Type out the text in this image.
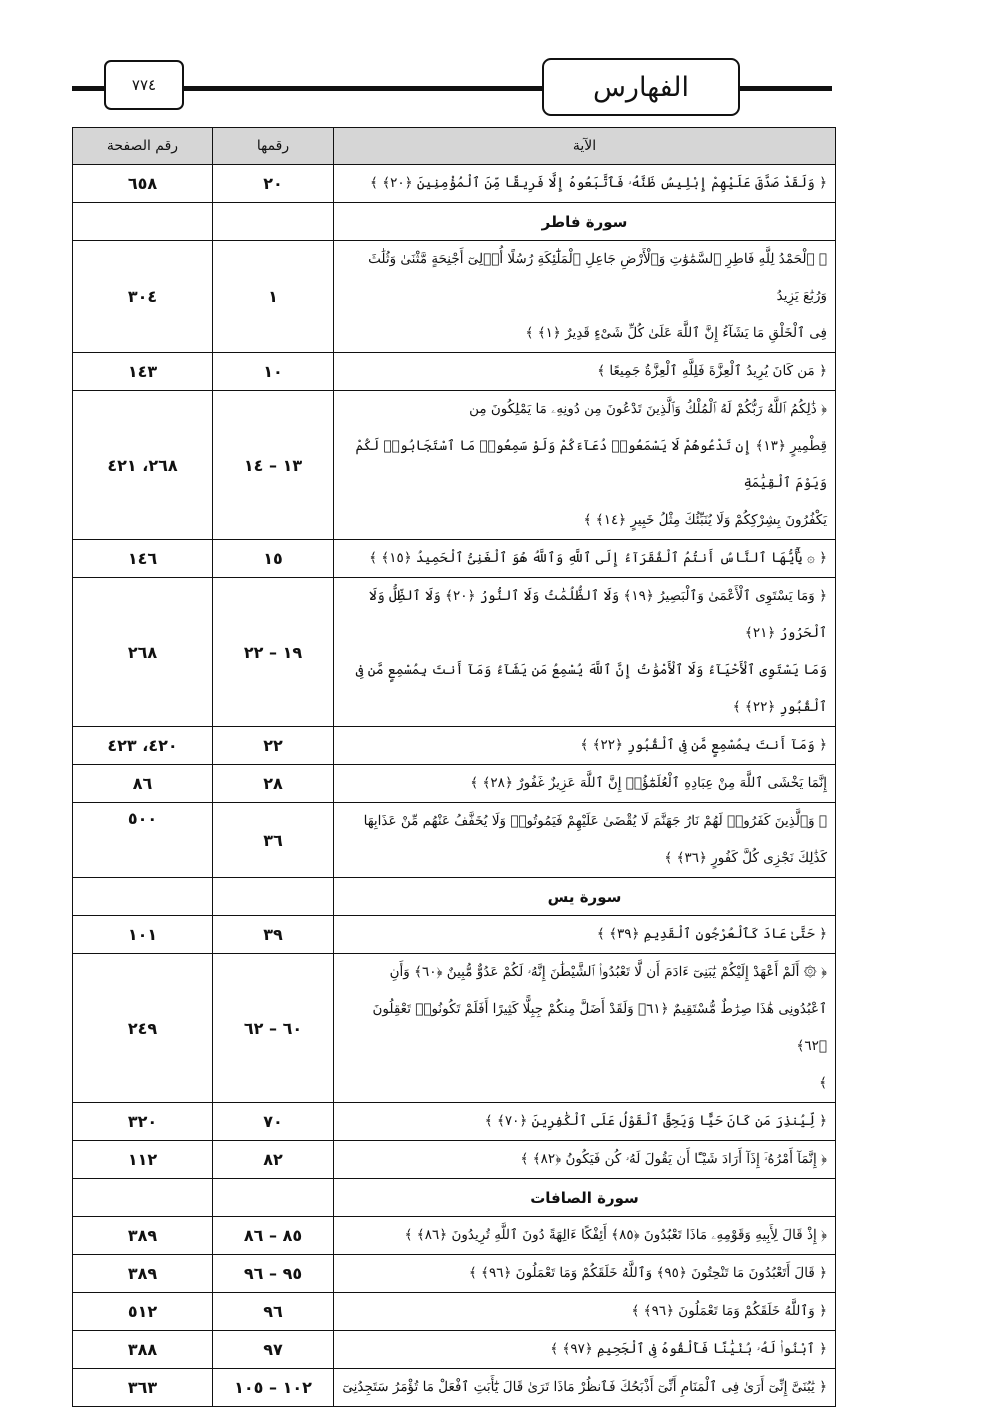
٧٧٤	الفهارس
الآية	رقمها	رقم الصفحة

﴿ وَلَقَدْ صَدَّقَ عَلَيْهِمْ إِبْلِيسُ ظَنَّهُۥ فَٱتَّبَعُوهُ إِلَّا فَرِيقًا مِّنَ ٱلْمُؤْمِنِينَ ﴿٢٠﴾ ﴾	٢٠	٦٥٨
سورة فاطر		

﴿ ٱلْحَمْدُ لِلَّهِ فَاطِرِ ٱلسَّمَٰوَٰتِ وَٱلْأَرْضِ جَاعِلِ ٱلْمَلَٰٓئِكَةِ رُسُلًا أُو۟لِىٓ أَجْنِحَةٍ مَّثْنَىٰ وَثُلَٰثَ وَرُبَٰعَ يَزِيدُ
فِى ٱلْخَلْقِ مَا يَشَآءُ إِنَّ ٱللَّهَ عَلَىٰ كُلِّ شَىْءٍ قَدِيرٌ ﴿١﴾ ﴾	١	٣٠٤

﴿ مَن كَانَ يُرِيدُ ٱلْعِزَّةَ فَلِلَّهِ ٱلْعِزَّةُ جَمِيعًا ﴾	١٠	١٤٣

﴿ ذَٰلِكُمُ ٱللَّهُ رَبُّكُمْ لَهُ ٱلْمُلْكُ وَٱلَّذِينَ تَدْعُونَ مِن دُونِهِۦ مَا يَمْلِكُونَ مِن
قِطْمِيرٍ ﴿١٣﴾ إِن تَدْعُوهُمْ لَا يَسْمَعُوا۟ دُعَآءَكُمْ وَلَوْ سَمِعُوا۟ مَا ٱسْتَجَابُوا۟ لَكُمْ وَيَوْمَ ٱلْقِيَٰمَةِ
يَكْفُرُونَ بِشِرْكِكُمْ وَلَا يُنَبِّئُكَ مِثْلُ خَبِيرٍ ﴿١٤﴾ ﴾	١٣ – ١٤	٢٦٨، ٤٢١

﴿ ۞ يَٰٓأَيُّهَا ٱلنَّاسُ أَنتُمُ ٱلْفُقَرَآءُ إِلَى ٱللَّهِ وَٱللَّهُ هُوَ ٱلْغَنِىُّ ٱلْحَمِيدُ ﴿١٥﴾ ﴾	١٥	١٤٦

﴿ وَمَا يَسْتَوِى ٱلْأَعْمَىٰ وَٱلْبَصِيرُ ﴿١٩﴾ وَلَا ٱلظُّلُمَٰتُ وَلَا ٱلنُّورُ ﴿٢٠﴾ وَلَا ٱلظِّلُّ وَلَا ٱلْحَرُورُ ﴿٢١﴾
وَمَا يَسْتَوِى ٱلْأَحْيَآءُ وَلَا ٱلْأَمْوَٰتُ إِنَّ ٱللَّهَ يُسْمِعُ مَن يَشَآءُ وَمَآ أَنتَ بِمُسْمِعٍ مَّن فِى ٱلْقُبُورِ ﴿٢٢﴾ ﴾	١٩ – ٢٢	٢٦٨

﴿ وَمَآ أَنتَ بِمُسْمِعٍ مَّن فِى ٱلْقُبُورِ ﴿٢٢﴾ ﴾	٢٢	٤٢٠، ٤٢٣

إِنَّمَا يَخْشَى ٱللَّهَ مِنْ عِبَادِهِ ٱلْعُلَمَٰٓؤُا۟ إِنَّ ٱللَّهَ عَزِيزٌ غَفُورٌ ﴿٢٨﴾ ﴾	٢٨	٨٦

﴿ وَٱلَّذِينَ كَفَرُوا۟ لَهُمْ نَارُ جَهَنَّمَ لَا يُقْضَىٰ عَلَيْهِمْ فَيَمُوتُوا۟ وَلَا يُخَفَّفُ عَنْهُم مِّنْ عَذَابِهَا
كَذَٰلِكَ نَجْزِى كُلَّ كَفُورٍ ﴿٣٦﴾ ﴾	٣٦	٥٠٠
سورة يس		

﴿ حَتَّىٰ عَادَ كَٱلْعُرْجُونِ ٱلْقَدِيمِ ﴿٣٩﴾ ﴾	٣٩	١٠١

﴿ ۞ أَلَمْ أَعْهَدْ إِلَيْكُمْ يَٰبَنِىٓ ءَادَمَ أَن لَّا تَعْبُدُوا۟ ٱلشَّيْطَٰنَ إِنَّهُۥ لَكُمْ عَدُوٌّ مُّبِينٌ ﴿٦٠﴾ وَأَنِ
ٱعْبُدُونِى هَٰذَا صِرَٰطٌ مُّسْتَقِيمٌ ﴿٦١﴾ وَلَقَدْ أَضَلَّ مِنكُمْ جِبِلًّا كَثِيرًا أَفَلَمْ تَكُونُوا۟ تَعْقِلُونَ ﴿٦٢﴾
﴾	٦٠ – ٦٢	٢٤٩

﴿ لِّيُنذِرَ مَن كَانَ حَيًّا وَيَحِقَّ ٱلْقَوْلُ عَلَى ٱلْكَٰفِرِينَ ﴿٧٠﴾ ﴾	٧٠	٣٢٠

﴿ إِنَّمَآ أَمْرُهُۥٓ إِذَآ أَرَادَ شَيْـًٔا أَن يَقُولَ لَهُۥ كُن فَيَكُونُ ﴿٨٢﴾ ﴾	٨٢	١١٢
سورة الصافات		

﴿ إِذْ قَالَ لِأَبِيهِ وَقَوْمِهِۦ مَاذَا تَعْبُدُونَ ﴿٨٥﴾ أَئِفْكًا ءَالِهَةً دُونَ ٱللَّهِ تُرِيدُونَ ﴿٨٦﴾ ﴾	٨٥ – ٨٦	٣٨٩

﴿ قَالَ أَتَعْبُدُونَ مَا تَنْحِتُونَ ﴿٩٥﴾ وَٱللَّهُ خَلَقَكُمْ وَمَا تَعْمَلُونَ ﴿٩٦﴾ ﴾	٩٥ – ٩٦	٣٨٩

﴿ وَٱللَّهُ خَلَقَكُمْ وَمَا تَعْمَلُونَ ﴿٩٦﴾ ﴾	٩٦	٥١٢

﴿ ٱبْنُوا۟ لَهُۥ بُنْيَٰنًا فَأَلْقُوهُ فِى ٱلْجَحِيمِ ﴿٩٧﴾ ﴾	٩٧	٣٨٨

﴿ يَٰبُنَىَّ إِنِّىٓ أَرَىٰ فِى ٱلْمَنَامِ أَنِّىٓ أَذْبَحُكَ فَٱنظُرْ مَاذَا تَرَىٰ قَالَ يَٰٓأَبَتِ ٱفْعَلْ مَا تُؤْمَرُ سَتَجِدُنِىٓ	١٠٢ – ١٠٥	٣٦٣
